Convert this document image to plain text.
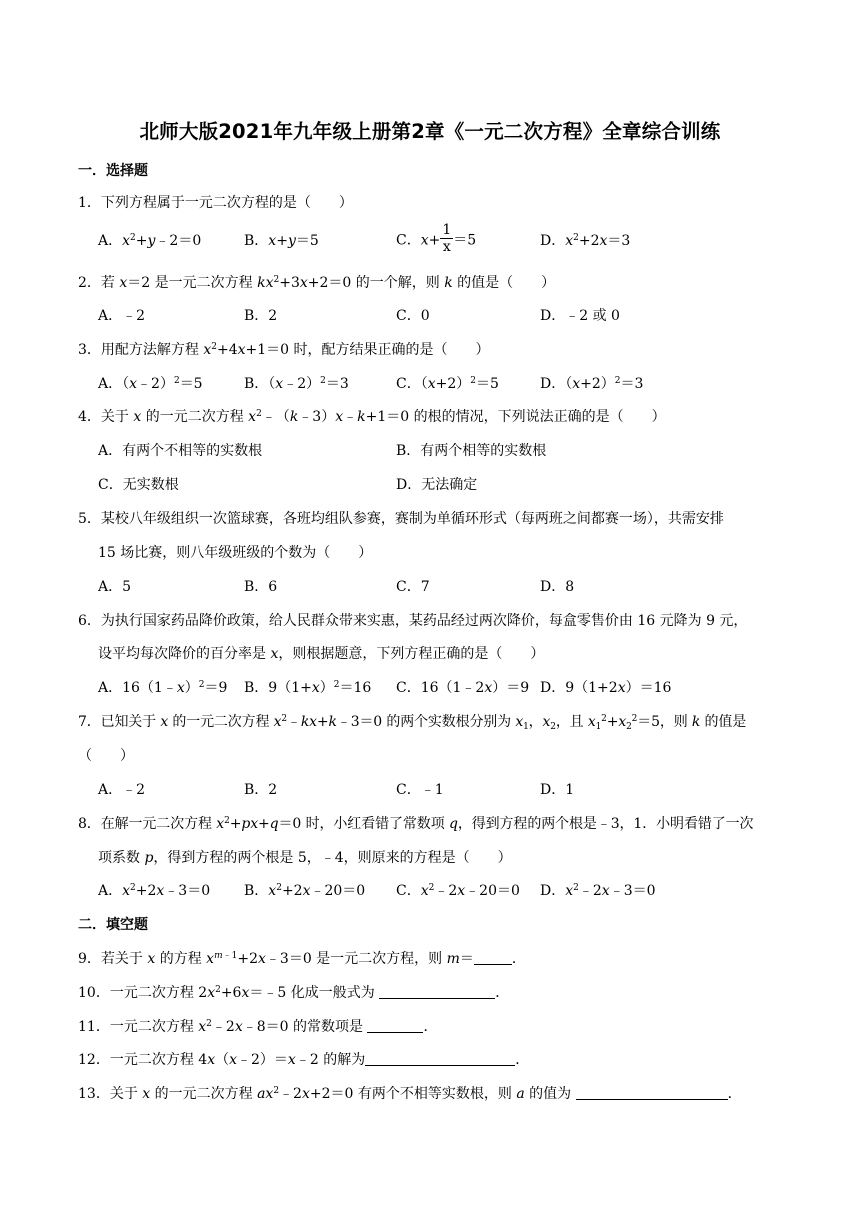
北师大版2021年九年级上册第2章《一元二次方程》全章综合训练
一．选择题
1．下列方程属于一元二次方程的是（　　）
A．$x^2+y﹣2=0$	B．x+y＝5	C．$x+ \frac{1}{x} =5$	D．$x^2+2x=3$
2．若 x＝2 是一元二次方程 $kx^2+3x+2=0$ 的一个解，则 k 的值是（　　）
A．﹣2	B．2	C．0	D．﹣2 或 0
3．用配方法解方程 $x^2+4x+1=0$ 时，配方结果正确的是（　　）
A．（x﹣2）$^2$＝5	B．（x﹣2）$^2$＝3	C．$(x+2)^2=5$	D．$(x+2)^2=3$
4．关于 x 的一元二次方程 $x^2﹣(k﹣3)x﹣k+1=0$ 的根的情况，下列说法正确的是（　　）
A．有两个不相等的实数根	B．有两个相等的实数根
C．无实数根	D．无法确定
5．某校八年级组织一次篮球赛，各班均组队参赛，赛制为单循环形式（每两班之间都赛一场），共需安排
15 场比赛，则八年级班级的个数为（　　）
A．5	B．6	C．7	D．8
6．为执行国家药品降价政策，给人民群众带来实惠，某药品经过两次降价，每盒零售价由 16 元降为 9 元，
设平均每次降价的百分率是 x，则根据题意，下列方程正确的是（　　）
A．16（1﹣x）$^2$＝9 B．$9(1+x)^2=16$ C．16（1﹣2x）＝9 D．9（1+2x）＝16
7．已知关于 x 的一元二次方程 $x^2﹣kx+k﹣3=0$ 的两个实数根分别为 $x_1$，$x_2$，且 $x_1^2+x_2^2=5$，则 k 的值是
（　　）
A．﹣2	B．2	C．﹣1	D．1
8．在解一元二次方程 $x^2+px+q=0$ 时，小红看错了常数项 q，得到方程的两个根是﹣3，1．小明看错了一次
项系数 p，得到方程的两个根是 5，﹣4，则原来的方程是（　　）
A．$x^2+2x﹣3=0$ B．$x^2+2x﹣20=0$ C．$x^2﹣2x﹣20=0$ D．$x^2﹣2x﹣3=0$
二．填空题
9．若关于 x 的方程 $x^{m﹣1}+2x﹣3=0$ 是一元二次方程，则 m＝	．
10．一元二次方程 $2x^2+6x=﹣5$ 化成一般式为	．
11．一元二次方程 $x^2﹣2x﹣8=0$ 的常数项是	．
12．一元二次方程 4x（x﹣2）＝x﹣2 的解为	．
13．关于 x 的一元二次方程 $ax^2﹣2x+2=0$ 有两个不相等实数根，则 a 的值为	．
